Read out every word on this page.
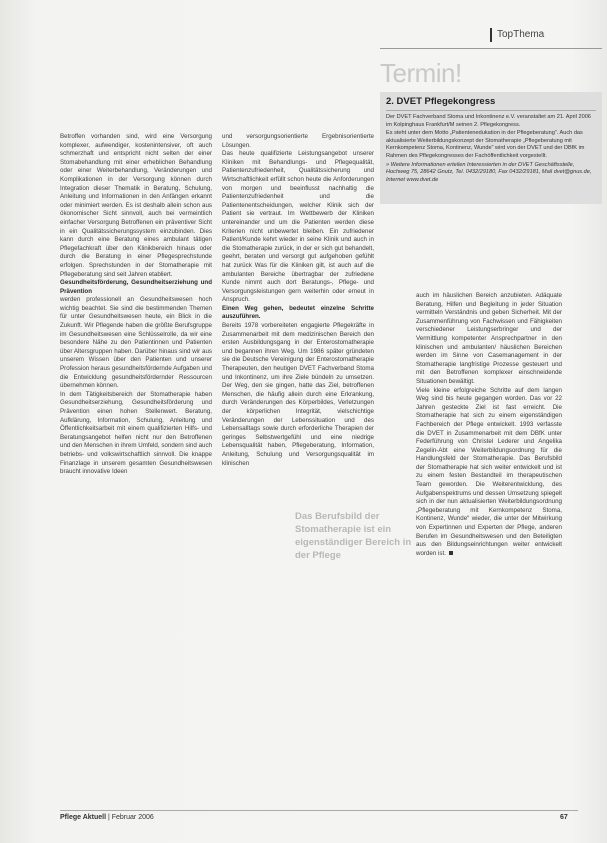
TopThema
Termin!
2. DVET Pflegekongress

Der DVET Fachverband Stoma und Inkontinenz e.V. veranstaltet am 21. April 2006 im Kolpinghaus Frankfurt/M seinen 2. Pflegekongress.

Es steht unter dem Motto „Patientenedukation in der Pflegeberatung“. Auch das aktualisierte Weiterbildungskonzept der Stomatherapie „Pflegeberatung mit Kernkompetenz Stoma, Kontinenz, Wunde“ wird von der DVET und der DBfK im Rahmen des Pflegekongresses der Fachöffentlichkeit vorgestellt.

» Weitere Informationen erteilen Interessierten in der DVET Geschäftsstelle, Hochweg 75, 28642 Gnutz, Tel. 0432/29180, Fax 0432/29181, Mail dvet@gnus.de, Internet www.dvet.de

Betroffen vorhanden sind, wird eine Versorgung komplexer, aufwendiger, kostenintensiver, oft auch schmerzhaft und entspricht nicht selten der einer Stomabehandlung mit einer erheblichen Behandlung oder einer Weiterbehandlung, Veränderungen und Komplikationen in der Versorgung können durch Integration dieser Thematik in Beratung, Schulung, Anleitung und Informationen in den Anfängen erkannt oder minimiert werden. Es ist deshalb allein schon aus ökonomischer Sicht sinnvoll, auch bei vermeintlich einfacher Versorgung Betroffenen ein präventiver Sicht in ein Qualitätssicherungssystem einzubinden. Dies kann durch eine Beratung eines ambulant tätigen Pflegefachkraft über den Klinikbereich hinaus oder durch die Beratung in einer Pflegesprechstunde erfolgen. Sprechstunden in der Stomatherapie mit Pflegeberatung sind seit Jahren etabliert.

Gesundheitsförderung, Gesundheitserziehung und Prävention

werden professionell an Gesundheitswesen hoch wichtig beachtet. Sie sind die bestimmenden Themen für unter Gesundheitswesen heute, ein Blick in die Zukunft. Wir Pflegende haben die größte Berufsgruppe im Gesundheitswesen eine Schlüsselrolle, da wir eine besondere Nähe zu den Patientinnen und Patienten über Altersgruppen haben. Darüber hinaus sind wir aus unserem Wissen über den Patienten und unserer Profession heraus gesundheitsfördernde Aufgaben und die Entwicklung gesundheitsfördernder Ressourcen übernehmen können.

In dem Tätigkeitsbereich der Stomatherapie haben Gesundheitserziehung, Gesundheitsförderung und Prävention einen hohen Stellenwert. Beratung, Aufklärung, Information, Schulung, Anleitung und Öffentlichkeitsarbeit mit einem qualifizierten Hilfs- und Beratungsangebot helfen nicht nur den Betroffenen und den Menschen in ihrem Umfeld, sondern sind auch betriebs- und volkswirtschaftlich sinnvoll. Die knappe Finanzlage in unserem gesamten Gesundheitswesen braucht innovative Ideen

und versorgungsorientierte Ergebnisorientierte Lösungen.

Das heute qualifizierte Leistungsangebot unserer Kliniken mit Behandlungs- und Pflegequalität, Patientenzufriedenheit, Qualitätssicherung und Wirtschaftlichkeit erfüllt schon heute die Anforderungen von morgen und beeinflusst nachhaltig die Patientenzufriedenheit und die Patientenentscheidungen, welcher Klinik sich der Patient sie vertraut. Im Wettbewerb der Kliniken untereinander und um die Patienten werden diese Kriterien nicht unbewertet bleiben. Ein zufriedener Patient/Kunde kehrt wieder in seine Klinik und auch in die Stomatherapie zurück, in der er sich gut behandelt, geehrt, beraten und versorgt gut aufgehoben gefühlt hat zurück Was für die Kliniken gilt, ist auch auf die ambulanten Bereiche übertragbar der zufriedene Kunde nimmt auch dort Beratungs-, Pflege- und Versorgungsleistungen gern weiterhin oder erneut in Anspruch.

Einen Weg gehen, bedeutet einzelne Schritte auszuführen.

Bereits 1978 vorbereiteten engagierte Pflegekräfte in Zusammenarbeit mit dem medizinischen Bereich den ersten Ausbildungsgang in der Enterostomatherapie und begannen ihren Weg. Um 1986 später gründeten sie die Deutsche Vereinigung der Enterostomatherapie Therapeuten, den heutigen DVET Fachverband Stoma und Inkontinenz, um ihre Ziele bündeln zu umsetzen. Der Weg, den sie gingen, hatte das Ziel, betroffenen Menschen, die häufig allein durch eine Erkrankung, durch Veränderungen des Körperbildes, Verletzungen der körperlichen Integrität, vielschichtige Veränderungen der Lebenssituation und des Lebensalltags sowie durch erforderliche Therapien der geringes Selbstwertgefühl und eine niedrige Lebensqualität haben, Pflegeberatung, Information, Anleitung, Schulung und Versorgungsqualität im klinischen

Das Berufsbild der Stomatherapie ist ein eigenständiger Bereich in der Pflege

auch im häuslichen Bereich anzubieten. Adäquate Beratung, Hilfen und Begleitung in jeder Situation vermitteln Verständnis und geben Sicherheit. Mit der Zusammenführung von Fachwissen und Fähigkeiten verschiedener Leistungserbringer und der Vermittlung kompetenter Ansprechpartner in den klinischen und ambulanten/ häuslichen Bereichen werden im Sinne von Casemanagement in der Stomatherapie langfristige Prozesse gesteuert und mit den Betroffenen komplexer einschneidende Situationen bewältigt.

Viele kleine erfolgreiche Schritte auf dem langen Weg sind bis heute gegangen worden. Das vor 22 Jahren gesteckte Ziel ist fast erreicht. Die Stomatherapie hat sich zu einem eigenständigen Fachbereich der Pflege entwickelt. 1993 verfasste die DVET in Zusammenarbeit mit dem DBfK unter Federführung von Christel Lederer und Angelika Zegelin-Abt eine Weiterbildungsordnung für die Handlungsfeld der Stomatherapie. Das Berufsbild der Stomatherapie hat sich weiter entwickelt und ist zu einem festen Bestandteil im therapeutischen Team geworden. Die Weiterentwicklung, des Aufgabenspektrums und dessen Umsetzung spiegelt sich in der nun aktualisierten Weiterbildungsordnung „Pflegeberatung mit Kernkompetenz Stoma, Kontinenz, Wunde“ wieder, die unter der Mitwirkung von Expertinnen und Experten der Pflege, anderen Berufen im Gesundheitswesen und den Beteiligten aus den Bildungseinrichtungen weiter entwickelt worden ist.

Pflege Aktuell | Februar 2006	67
